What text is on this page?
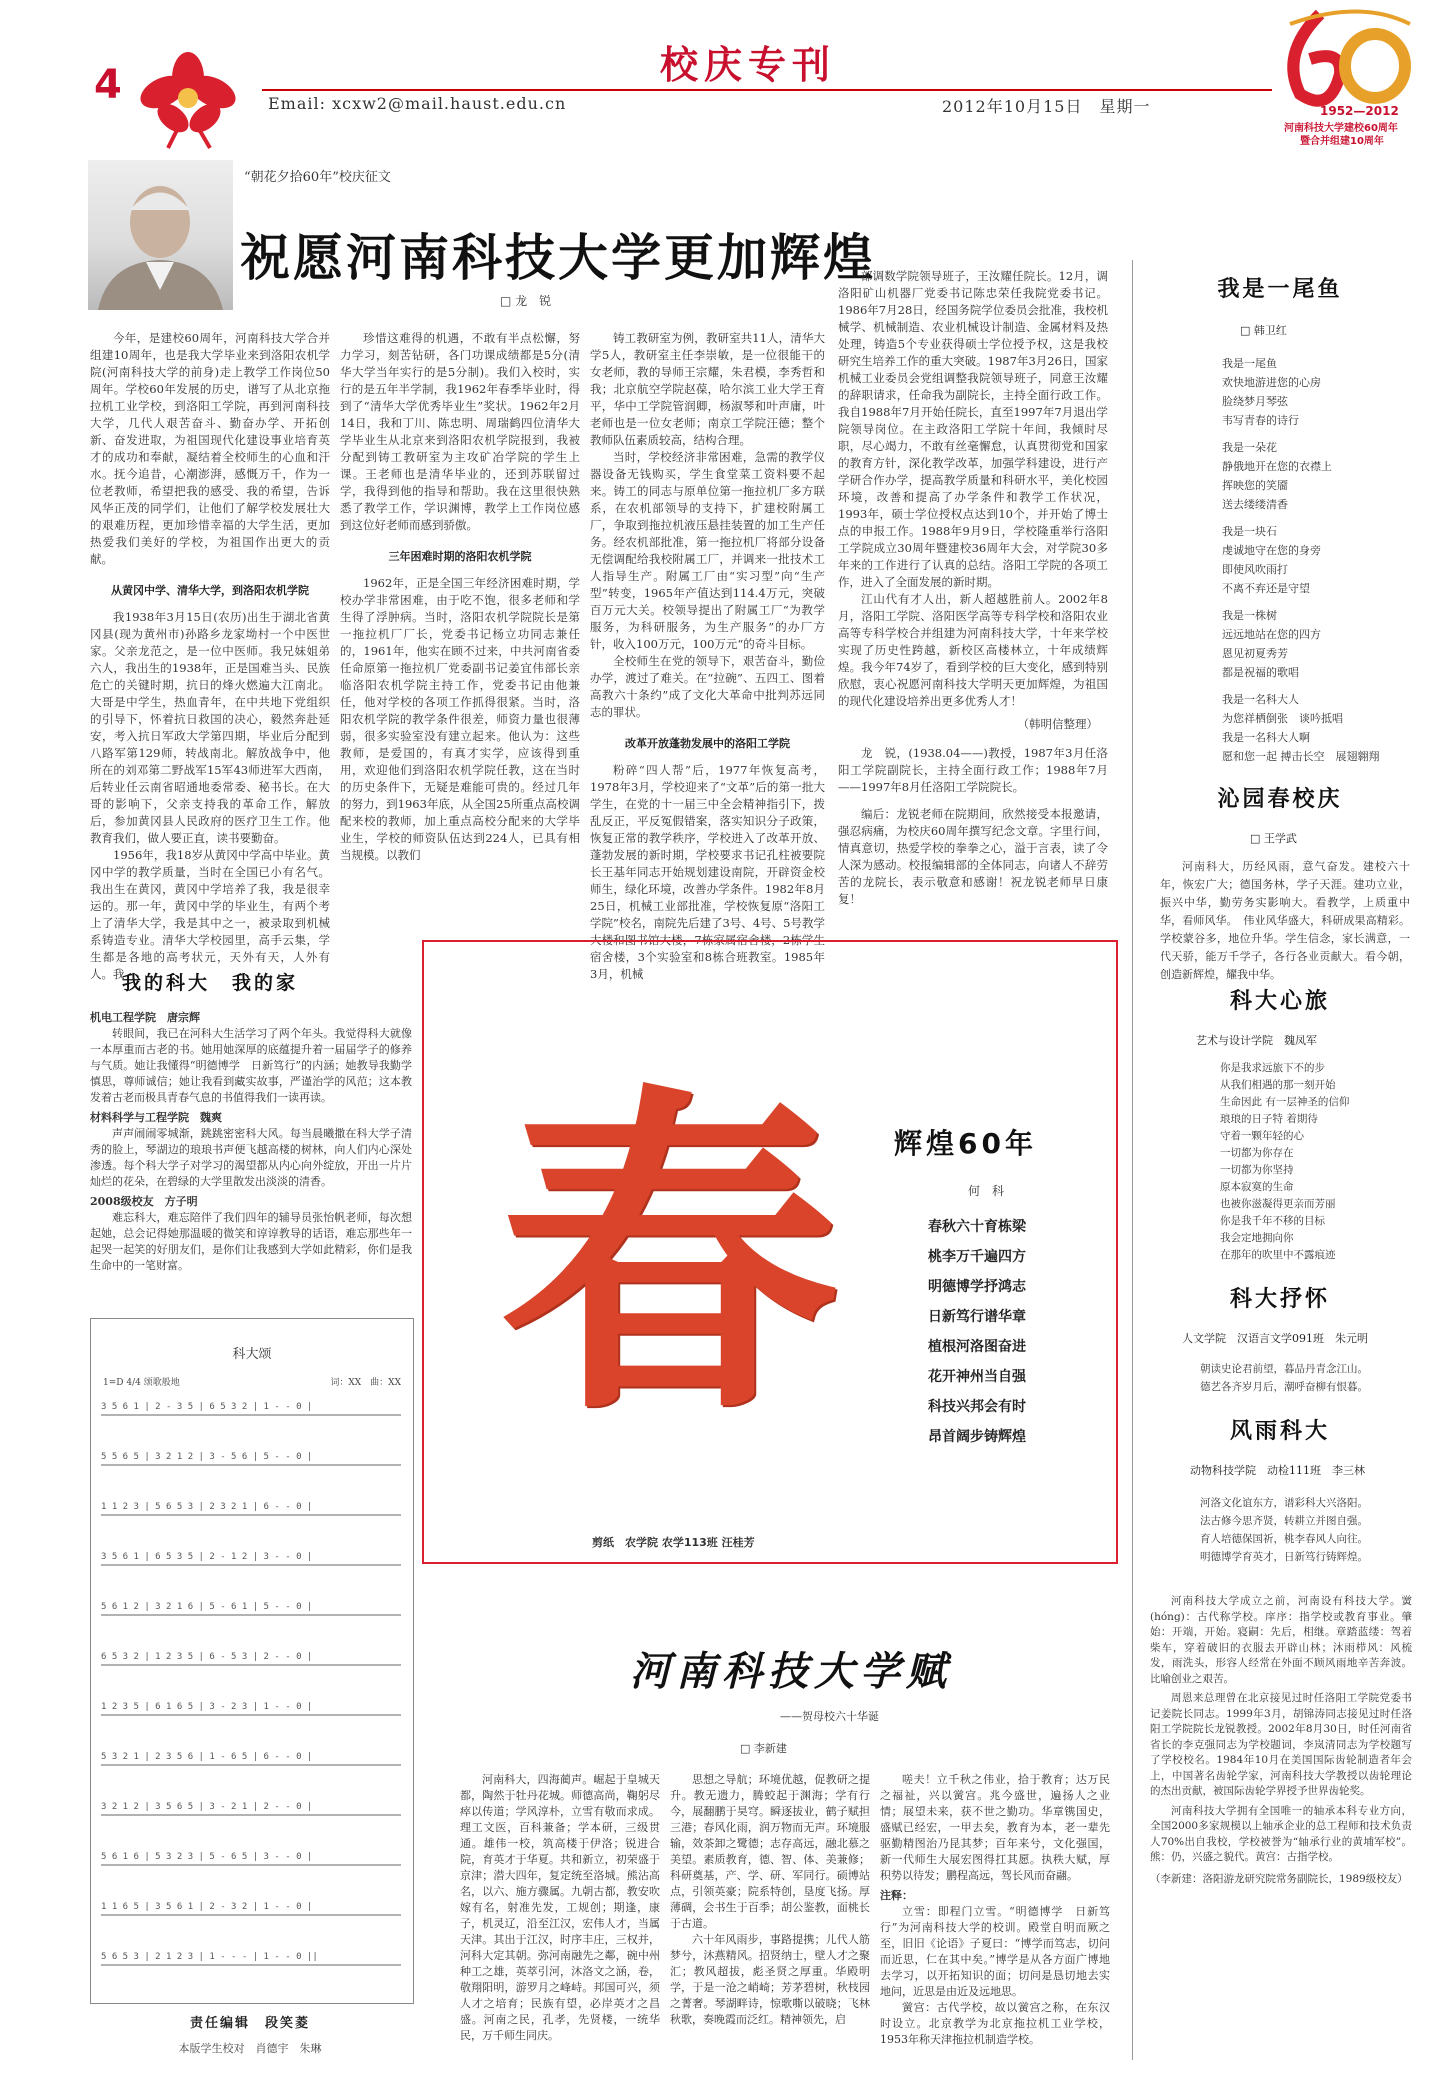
4	校庆专刊
Email: xcxw2@mail.haust.edu.cn	2012年10月15日　星期一	1952—2012
河南科技大学建校60周年
暨合并组建10周年
“朝花夕拾60年”校庆征文
祝愿河南科技大学更加辉煌
□ 龙　锐

今年，是建校60周年，河南科技大学合并组建10周年，也是我大学毕业来到洛阳农机学院(河南科技大学的前身)走上教学工作岗位50周年。学校60年发展的历史，谱写了从北京拖拉机工业学校，到洛阳工学院，再到河南科技大学，几代人艰苦奋斗、勤奋办学、开拓创新、奋发进取，为祖国现代化建设事业培育英才的成功和奉献，凝结着全校师生的心血和汗水。抚今追昔，心潮澎湃，感慨万千，作为一位老教师，希望把我的感受、我的希望，告诉风华正茂的同学们，让他们了解学校发展壮大的艰难历程，更加珍惜幸福的大学生活，更加热爱我们美好的学校，为祖国作出更大的贡献。

从黄冈中学、清华大学，到洛阳农机学院

我1938年3月15日(农历)出生于湖北省黄冈县(现为黄州市)孙路乡龙家坳村一个中医世家。父亲龙范之，是一位中医师。我兄妹姐弟六人，我出生的1938年，正是国难当头、民族危亡的关键时期，抗日的烽火燃遍大江南北。大哥是中学生，热血青年，在中共地下党组织的引导下，怀着抗日救国的决心，毅然奔赴延安，考入抗日军政大学第四期，毕业后分配到八路军第129师，转战南北。解放战争中，他所在的刘邓第二野战军15军43师进军大西南，后转业任云南省昭通地委常委、秘书长。在大哥的影响下，父亲支持我的革命工作，解放后，参加黄冈县人民政府的医疗卫生工作。他教育我们，做人要正直，读书要勤奋。

1956年，我18岁从黄冈中学高中毕业。黄冈中学的教学质量，当时在全国已小有名气。我出生在黄冈，黄冈中学培养了我，我是很幸运的。那一年，黄冈中学的毕业生，有两个考上了清华大学，我是其中之一，被录取到机械系铸造专业。清华大学校园里，高手云集，学生都是各地的高考状元，天外有天，人外有人。我

珍惜这难得的机遇，不敢有半点松懈，努力学习，刻苦钻研，各门功课成绩都是5分(清华大学当年实行的是5分制)。我们入校时，实行的是五年半学制，我1962年春季毕业时，得到了“清华大学优秀毕业生”奖状。1962年2月14日，我和丁川、陈忠明、周瑞鹤四位清华大学毕业生从北京来到洛阳农机学院报到，我被分配到铸工教研室为主攻矿冶学院的学生上课。王老师也是清华毕业的，还到苏联留过学，我得到他的指导和帮助。我在这里很快熟悉了教学工作，学识渊博，教学上工作岗位感到这位好老师而感到骄傲。

三年困难时期的洛阳农机学院

1962年，正是全国三年经济困难时期，学校办学非常困难，由于吃不饱，很多老师和学生得了浮肿病。当时，洛阳农机学院院长是第一拖拉机厂厂长，党委书记杨立功同志兼任的，1961年，他实在顾不过来，中共河南省委任命原第一拖拉机厂党委副书记姜宜伟部长亲临洛阳农机学院主持工作，党委书记由他兼任，他对学校的各项工作抓得很紧。当时，洛阳农机学院的教学条件很差，师资力量也很薄弱，很多实验室没有建立起来。他认为：这些教师，是爱国的，有真才实学，应该得到重用，欢迎他们到洛阳农机学院任教，这在当时的历史条件下，无疑是难能可贵的。经过几年的努力，到1963年底，从全国25所重点高校调配来校的教师，加上重点高校分配来的大学毕业生，学校的师资队伍达到224人，已具有相当规模。以教们

铸工教研室为例，教研室共11人，清华大学5人，教研室主任李崇敏，是一位很能干的女老师，教的导师王宗耀，朱君模，李秀哲和我；北京航空学院赵葆，哈尔滨工业大学王育平，华中工学院管润卿，杨淑琴和叶声庸，叶老师也是一位女老师；南京工学院汪德；整个教师队伍素质较高，结构合理。

当时，学校经济非常困难，急需的教学仪器设备无钱购买，学生食堂菜工资料要不起来。铸工的同志与原单位第一拖拉机厂多方联系，在农机部领导的支持下，扩建校附属工厂，争取到拖拉机液压悬挂装置的加工生产任务。经农机部批准，第一拖拉机厂将部分设备无偿调配给我校附属工厂，并调来一批技术工人指导生产。附属工厂由“实习型”向“生产型”转变，1965年产值达到114.4万元，突破百万元大关。校领导提出了附属工厂“为教学服务，为科研服务，为生产服务”的办厂方针，收入100万元，100万元“的奇斗目标。

全校师生在党的领导下，艰苦奋斗，勤俭办学，渡过了难关。在“拉碗”、五四工、图着高教六十条约”成了文化大革命中批判苏远同志的罪状。

改革开放蓬勃发展中的洛阳工学院

粉碎“四人帮”后，1977年恢复高考，1978年3月，学校迎来了“文革”后的第一批大学生，在党的十一届三中全会精神指引下，拨乱反正，平反冤假错案，落实知识分子政策，恢复正常的教学秩序，学校进入了改革开放、蓬勃发展的新时期，学校要求书记孔柱被要院长王基年同志开始规划建设南院，开辟资金校师生，绿化环境，改善办学条件。1982年8月25日，机械工业部批准，学校恢复原“洛阳工学院”校名，南院先后建了3号、4号、5号教学大楼和图书馆大楼，7栋家属宿舍楼，2栋学生宿舍楼，3个实验室和8栋合班教室。1985年3月，机械

部调数学院领导班子，王汝耀任院长。12月，调洛阳矿山机器厂党委书记陈忠荣任我院党委书记。1986年7月28日，经国务院学位委员会批准，我校机械学、机械制造、农业机械设计制造、金属材料及热处理，铸造5个专业获得硕士学位授予权，这是我校研究生培养工作的重大突破。1987年3月26日，国家机械工业委员会党组调整我院领导班子，同意王汝耀的辞职请求，任命我为副院长，主持全面行政工作。我自1988年7月开始任院长，直至1997年7月退出学院领导岗位。在主政洛阳工学院十年间，我倾时尽职，尽心竭力，不敢有丝毫懈怠，认真贯彻党和国家的教育方针，深化教学改革，加强学科建设，进行产学研合作办学，提高教学质量和科研水平，美化校园环境，改善和提高了办学条件和教学工作状况，1993年，硕士学位授权点达到10个，并开始了博士点的申报工作。1988年9月9日，学校隆重举行洛阳工学院成立30周年暨建校36周年大会，对学院30多年来的工作进行了认真的总结。洛阳工学院的各项工作，进入了全面发展的新时期。

江山代有才人出，新人超越胜前人。2002年8月，洛阳工学院、洛阳医学高等专科学校和洛阳农业高等专科学校合并组建为河南科技大学，十年来学校实现了历史性跨越，新校区高楼林立，十年成绩辉煌。我今年74岁了，看到学校的巨大变化，感到特别欣慰，衷心祝愿河南科技大学明天更加辉煌，为祖国的现代化建设培养出更多优秀人才！

（韩明信整理）

龙　锐，(1938.04——)教授，1987年3月任洛阳工学院副院长，主持全面行政工作；1988年7月——1997年8月任洛阳工学院院长。

编后：龙锐老师在院期间，欣然接受本报邀请，强忍病痛，为校庆60周年撰写纪念文章。字里行间，情真意切，热爱学校的拳拳之心，溢于言表，读了令人深为感动。校报编辑部的全体同志，向诸人不辞劳苦的龙院长，表示敬意和感谢！祝龙锐老师早日康复！

我的科大　我的家
机电工程学院　唐宗辉

转眼间，我已在河科大生活学习了两个年头。我觉得科大就像一本厚重而古老的书。她用她深厚的底蕴提升着一届届学子的修养与气质。她让我懂得“明德博学　日新笃行”的内涵；她教导我勤学慎思，尊师诚信；她让我看到藏实故事，严谨治学的风范；这本教发着古老而极具青春气息的书值得我们一读再读。

材料科学与工程学院　魏爽

声声闹闹零城渐，跳跳密密科大风。每当晨曦撒在科大学子清秀的脸上，琴湖边的琅琅书声便飞越高楼的树林，向人们内心深处渗透。每个科大学子对学习的渴望都从内心向外绽放，开出一片片灿烂的花朵，在碧绿的大学里散发出淡淡的清香。

2008级校友　方子明

难忘科大，难忘陪伴了我们四年的辅导员张怡帆老师，每次想起她，总会记得她那温暖的微笑和谆谆教导的话语，难忘那些年一起哭一起笑的好朋友们，是你们让我感到大学如此精彩，你们是我生命中的一笔财富。

科大颂
1=D 4/4 颂歌般地	词：XX　曲：XX
3 5 6 1 | 2 - 3 5 | 6 5 3 2 | 1 - - 0 |
5 5 6 5 | 3 2 1 2 | 3 - 5 6 | 5 - - 0 |
1 1 2 3 | 5 6 5 3 | 2 3 2 1 | 6 - - 0 |
3 5 6 1 | 6 5 3 5 | 2 - 1 2 | 3 - - 0 |
5 6 1 2 | 3 2 1 6 | 5 - 6 1 | 5 - - 0 |
6 5 3 2 | 1 2 3 5 | 6 - 5 3 | 2 - - 0 |
1 2 3 5 | 6 1 6 5 | 3 - 2 3 | 1 - - 0 |
5 3 2 1 | 2 3 5 6 | 1 - 6 5 | 6 - - 0 |
3 2 1 2 | 3 5 6 5 | 3 - 2 1 | 2 - - 0 |
5 6 1 6 | 5 3 2 3 | 5 - 6 5 | 3 - - 0 |
1 1 6 5 | 3 5 6 1 | 2 - 3 2 | 1 - - 0 |
5 6 5 3 | 2 1 2 3 | 1 - - - | 1 - - 0 ||
责任编辑　段笑菱
本版学生校对　肖德宇　朱琳
春
剪纸　农学院 农学113班 汪桂芳
辉煌60年
何　科
春秋六十育栋梁
桃李万千遍四方
明德博学抒鸿志
日新笃行谱华章
植根河洛图奋进
花开神州当自强
科技兴邦会有时
昂首阔步铸辉煌
河南科技大学赋
——贺母校六十华诞
□ 李新建

河南科大，四海蔺声。崛起于皇城天都，陶然于牡丹花城。师德高尚，鞠躬尽瘁以传道；学风淳朴，立雪有敬而求成。理工文医，百科兼备；学本研，三级贯通。雄伟一校，筑高楼于伊洛；锐进合院，育英才于华夏。共和新立，初荣盛于京津；潜大四年，复定统至洛城。熊沾高名，以六、施方骤属。九朝古都，教安吹嫁有名，射准先发，工规创；期逢，康子，机灵辽，沿至江汉，宏伟人才，当属天津。其出于江汉，时序丰庄，三权并，河科大定其朝。弥河南融先之鄰，碗中州种工之雄，英萃引河，沐洛文之涵，卷，敬翔阳明，游罗月之峰峙。邦国可兴，须人才之培育；民族有望，必岸英才之昌盛。河南之民，孔孝，先贤楼，一统华民，万千师生同庆。

思想之导航；环境优越，促教研之提升。教无遗力，腾蛟起于渊海；学有行今，展翻鹏于昊穹。瞬逐拔业，鹤子赋担三港；春风化雨，润万物而无声。环境服输，效茶卸之鹭德；志存高远，融北慕之美望。素质教育，德、智、体、美兼修；科研奠基，产、学、研、军同行。硕博站点，引领英豪；院系特创，垦度飞扬。厚薄碉，会书生于百季；胡公鉴教，面桃长于古道。

六十年风雨步，事路提携；儿代人筋梦兮，沐燕精风。招贤纳士，壁人才之聚汇；教风超拔，彪圣贤之厚重。华殿明学，于是一沧之峭崎；芳茅碧树，秋枝园之菁奢。琴湖畔诗，惊歌嘶以破晓；飞林秋歌，奏晚霞而泛红。精神领先，启

嗟夫！立千秋之伟业，拾于教育；达万民之福祉，兴以黉宫。兆今盛世，遍扬人之业情；展望未来，获不世之勤功。华章镌国史，盛赋已经宏，一甲去矣，教育为本，老一辈先驱勤精图治乃昆其梦；百年来兮，文化强国，新一代师生大展宏图得扛其愿。执秩大赋，厚积势以待发；鹏程高远，驾长风而奋翮。

注释：

立雪：即程门立雪。“明德博学　日新笃行”为河南科技大学的校训。殿堂自明而厥之至，旧旧《论语》子夏曰：“博学而笃志，切问而近思，仁在其中矣。”博学是从各方面广博地去学习，以开拓知识的面；切问是恳切地去实地问，近思是由近及远地思。

黉宫：古代学校，故以黉宫之称，在东汉时设立。北京教学为北京拖拉机工业学校，1953年称天津拖拉机制造学校。

我是一尾鱼
□ 韩卫红
我是一尾鱼
欢快地游进您的心房
脸绕梦月琴弦
韦写青春的诗行
我是一朵花
静俄地开在您的衣襟上
挥映您的笑靥
送去缕缕清香
我是一块石
虔诚地守在您的身旁
即使风吹雨打
不离不弃还是守望
我是一株树
远远地站在您的四方
恩见初夏秀芳
都是祝福的歌唱
我是一名科大人
为您祥栖倒张　谈吟抵唱
我是一名科大人啊
愿和您一起 搏击长空　展翅翱翔
沁园春校庆
□ 王学武
河南科大，历经风雨，意气奋发。建校六十年，恢宏广大；德国务林，学子天涯。建功立业，振兴中华，勤劳务实影响大。看教学，上质重中华，看师风华。　伟业风华盛大，科研成果高精彩。学校蒙谷多，地位升华。学生信念，家长满意，一代天骄，能万千学子，各行各业贡献大。看今朝，创造新辉煌，耀我中华。
科大心旅
艺术与设计学院　魏凤军
你是我求远旅下不的步
从我们相遇的那一刻开始
生命因此 有一层神圣的信仰
琅琅的日子特 着期待
守着一颗年轻的心
一切都为你存在
一切都为你坚持
原本寂寞的生命
也被你滋凝得更亲而芳丽
你是我千年不移的目标
我会定地拥向你
在那年的吹里中不露痕迹
科大抒怀
人文学院　汉语言文学091班　朱元明
朝读史论君前望，暮品丹青念江山。
德艺各齐岁月后，潮呼奋柳有恨暮。
风雨科大
动物科技学院　动检111班　李三林
河洛文化谊东方，谱彩科大兴洛阳。
法古修今思齐贤，转耕立并图自强。
育人培德保国祈，桃李春风人向往。
明德博学育英才，日新笃行铸辉煌。

河南科技大学成立之前，河南设有科技大学。黉(hóng)：古代称学校。庠序：指学校或教育事业。肇始：开端，开始。寝嗣：先后，相继。章踏蓝缕：驾着柴车，穿着破旧的衣服去开辟山林；沐雨栉风：风梳发，雨洗头，形容人经常在外面不顾风雨地辛苦奔波。比喻创业之艰苦。

周恩来总理曾在北京接见过时任洛阳工学院党委书记姜院长同志。1999年3月，胡锦涛同志接见过时任洛阳工学院院长龙锐教授。2002年8月30日，时任河南省省长的李克强同志为学校题词，李岚清同志为学校题写了学校校名。1984年10月在美国国际齿轮制造者年会上，中国著名齿轮学家，河南科技大学教授以齿轮理论的杰出贡献，被国际齿轮学界授予世界齿轮奖。

河南科技大学拥有全国唯一的轴承本科专业方向，全国2000多家规模以上轴承企业的总工程师和技术负责人70%出自我校，学校被誉为“轴承行业的黄埔军校”。熊：仍，兴盛之貌代。黄宫：古指学校。

（李新建：洛阳游龙研究院常务副院长，1989级校友）
